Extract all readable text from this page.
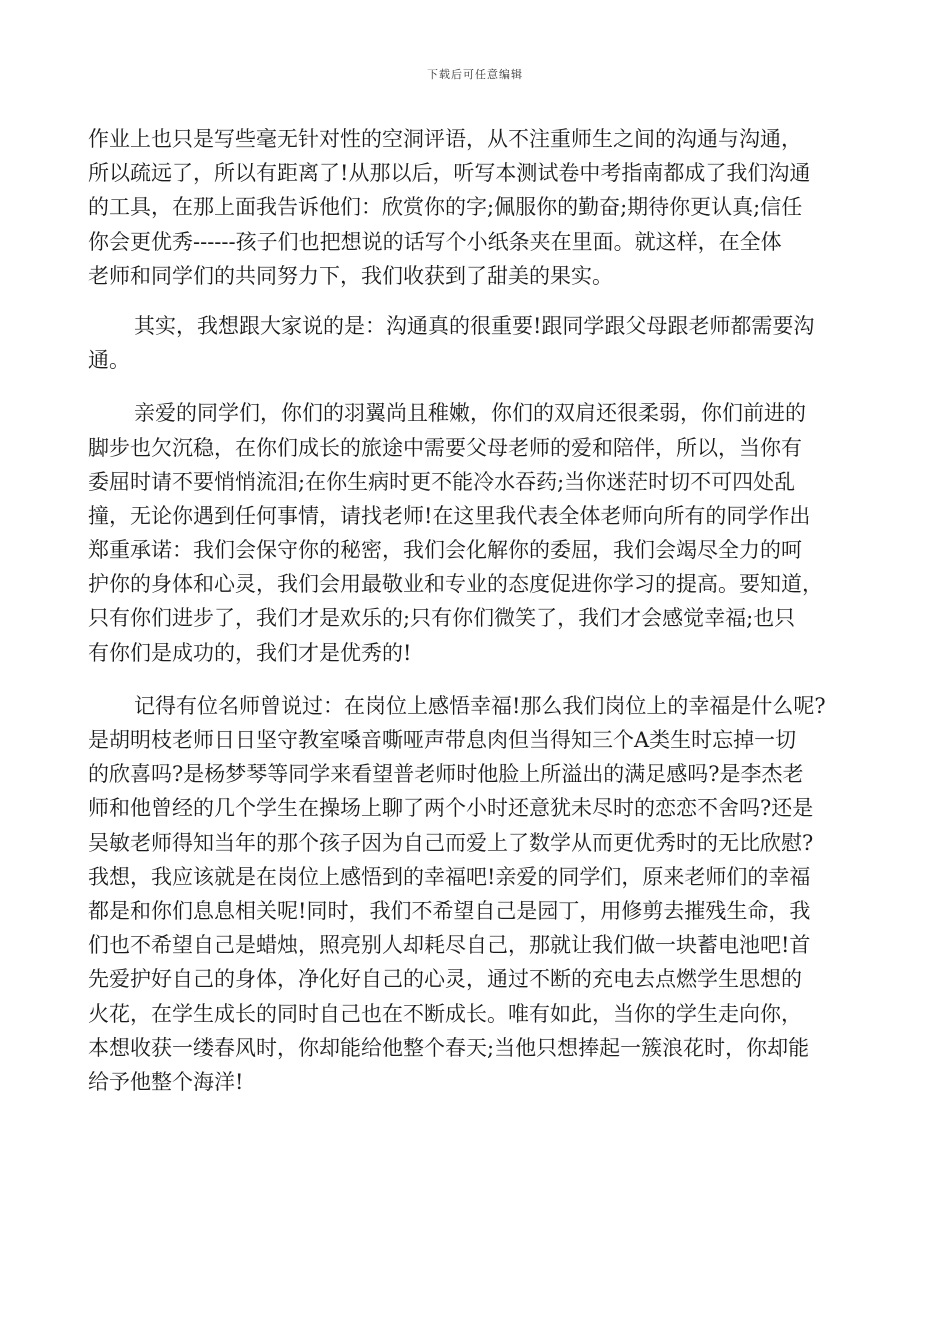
下载后可任意编辑
作业上也只是写些毫无针对性的空洞评语，从不注重师生之间的沟通与沟通，
所以疏远了，所以有距离了!从那以后，听写本测试卷中考指南都成了我们沟通
的工具，在那上面我告诉他们：欣赏你的字;佩服你的勤奋;期待你更认真;信任
你会更优秀------孩子们也把想说的话写个小纸条夹在里面。就这样，在全体
老师和同学们的共同努力下，我们收获到了甜美的果实。
其实，我想跟大家说的是：沟通真的很重要!跟同学跟父母跟老师都需要沟
通。
亲爱的同学们，你们的羽翼尚且稚嫩，你们的双肩还很柔弱，你们前进的
脚步也欠沉稳，在你们成长的旅途中需要父母老师的爱和陪伴，所以，当你有
委屈时请不要悄悄流泪;在你生病时更不能冷水吞药;当你迷茫时切不可四处乱
撞，无论你遇到任何事情，请找老师!在这里我代表全体老师向所有的同学作出
郑重承诺：我们会保守你的秘密，我们会化解你的委屈，我们会竭尽全力的呵
护你的身体和心灵，我们会用最敬业和专业的态度促进你学习的提高。要知道，
只有你们进步了，我们才是欢乐的;只有你们微笑了，我们才会感觉幸福;也只
有你们是成功的，我们才是优秀的!
记得有位名师曾说过：在岗位上感悟幸福!那么我们岗位上的幸福是什么呢?
是胡明枝老师日日坚守教室嗓音嘶哑声带息肉但当得知三个A类生时忘掉一切
的欣喜吗?是杨梦琴等同学来看望普老师时他脸上所溢出的满足感吗?是李杰老
师和他曾经的几个学生在操场上聊了两个小时还意犹未尽时的恋恋不舍吗?还是
吴敏老师得知当年的那个孩子因为自己而爱上了数学从而更优秀时的无比欣慰?
我想，我应该就是在岗位上感悟到的幸福吧!亲爱的同学们，原来老师们的幸福
都是和你们息息相关呢!同时，我们不希望自己是园丁，用修剪去摧残生命，我
们也不希望自己是蜡烛，照亮别人却耗尽自己，那就让我们做一块蓄电池吧!首
先爱护好自己的身体，净化好自己的心灵，通过不断的充电去点燃学生思想的
火花，在学生成长的同时自己也在不断成长。唯有如此，当你的学生走向你，
本想收获一缕春风时，你却能给他整个春天;当他只想捧起一簇浪花时，你却能
给予他整个海洋!
